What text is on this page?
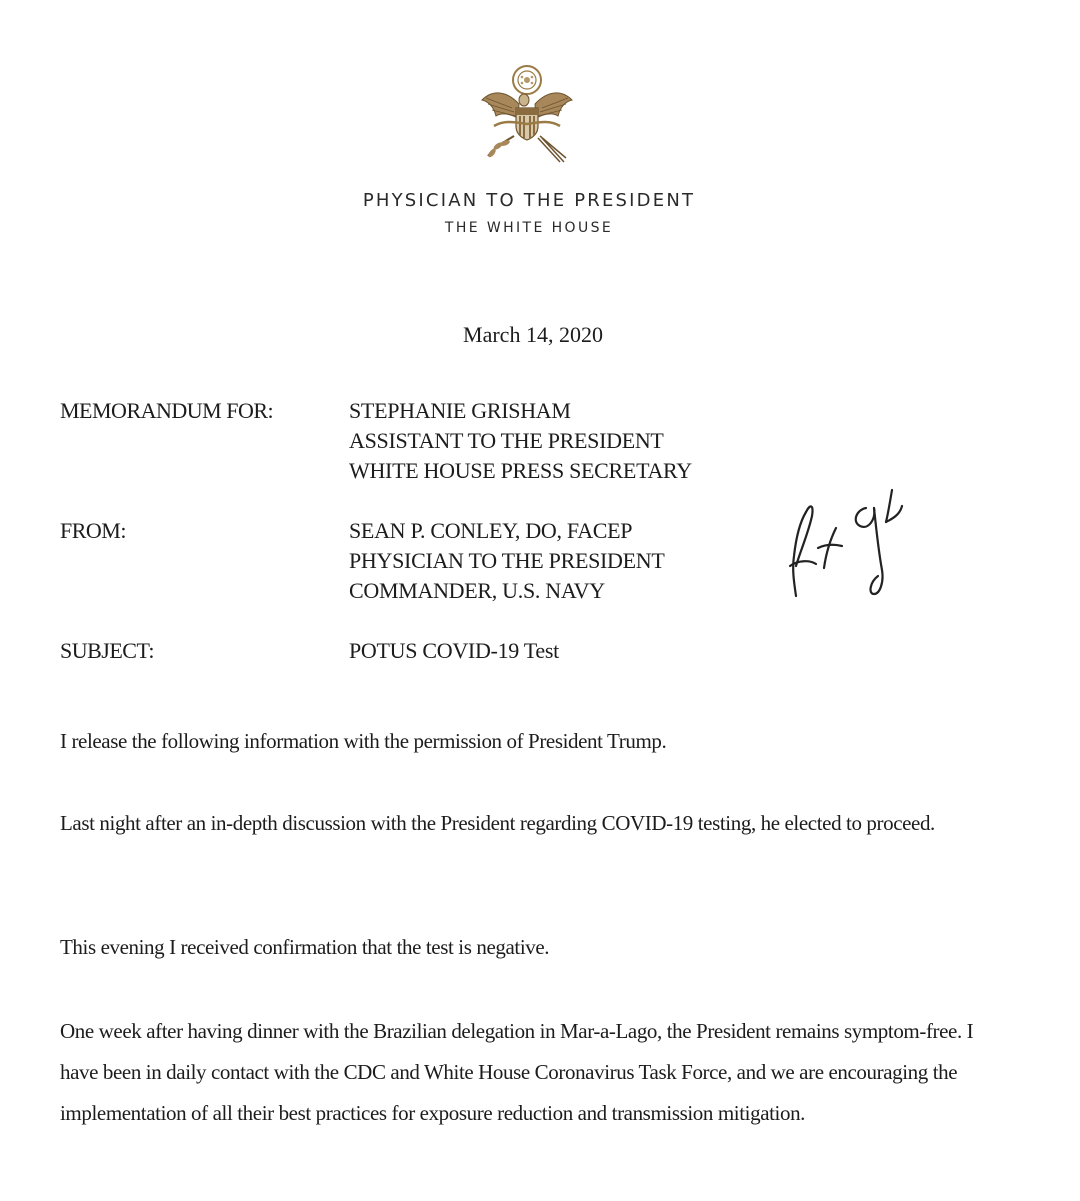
PHYSICIAN TO THE PRESIDENT
THE WHITE HOUSE
March 14, 2020
MEMORANDUM FOR:	STEPHANIE GRISHAM
ASSISTANT TO THE PRESIDENT
WHITE HOUSE PRESS SECRETARY
FROM:	SEAN P. CONLEY, DO, FACEP
PHYSICIAN TO THE PRESIDENT
COMMANDER, U.S. NAVY
SUBJECT:	POTUS COVID-19 Test

I release the following information with the permission of President Trump.

Last night after an in-depth discussion with the President regarding COVID-19 testing, he elected to proceed.

This evening I received confirmation that the test is negative.

One week after having dinner with the Brazilian delegation in Mar-a-Lago, the President remains symptom-free. I have been in daily contact with the CDC and White House Coronavirus Task Force, and we are encouraging the implementation of all their best practices for exposure reduction and transmission mitigation.
